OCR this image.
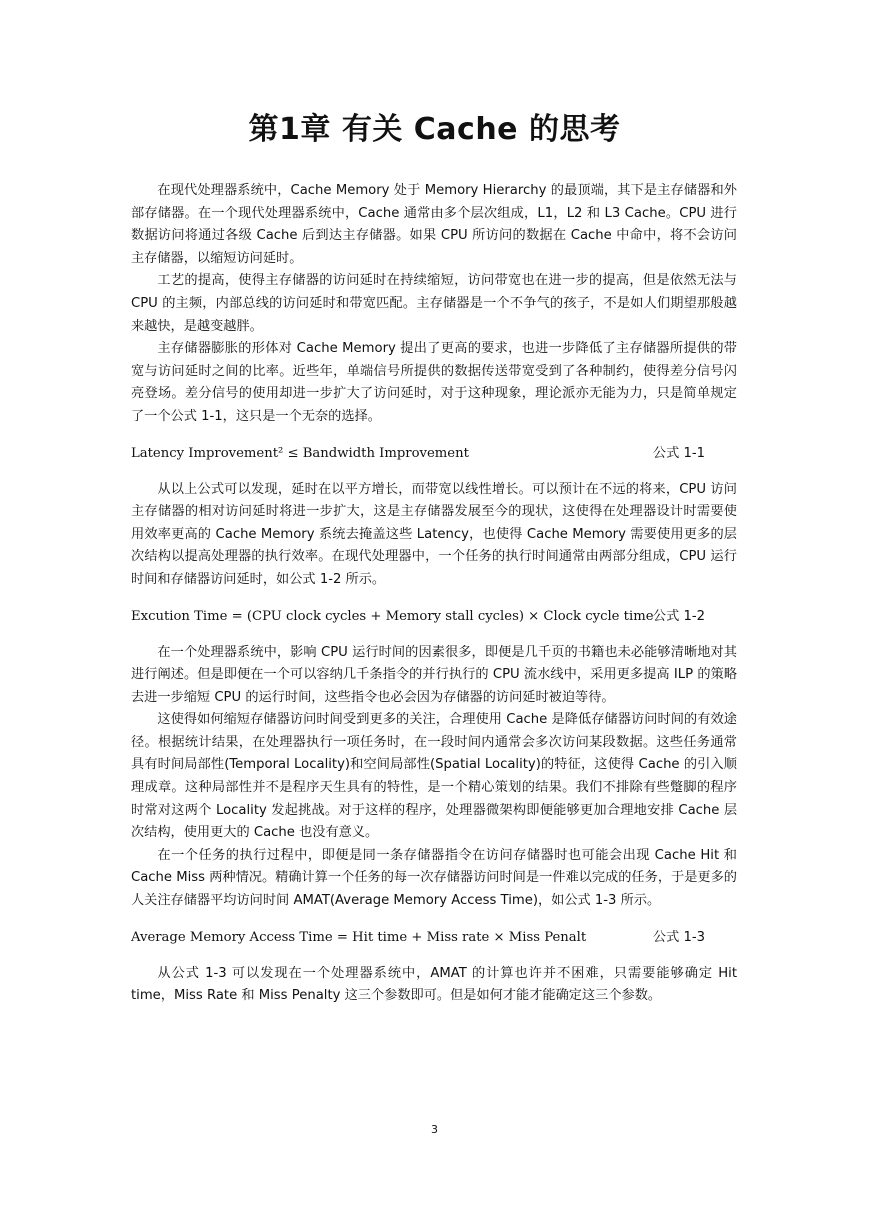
第1章 有关 Cache 的思考

在现代处理器系统中，Cache Memory 处于 Memory Hierarchy 的最顶端，其下是主存储器和外部存储器。在一个现代处理器系统中，Cache 通常由多个层次组成，L1，L2 和 L3 Cache。CPU 进行数据访问将通过各级 Cache 后到达主存储器。如果 CPU 所访问的数据在 Cache 中命中，将不会访问主存储器，以缩短访问延时。

工艺的提高，使得主存储器的访问延时在持续缩短，访问带宽也在进一步的提高，但是依然无法与 CPU 的主频，内部总线的访问延时和带宽匹配。主存储器是一个不争气的孩子，不是如人们期望那般越来越快，是越变越胖。

主存储器膨胀的形体对 Cache Memory 提出了更高的要求，也进一步降低了主存储器所提供的带宽与访问延时之间的比率。近些年，单端信号所提供的数据传送带宽受到了各种制约，使得差分信号闪亮登场。差分信号的使用却进一步扩大了访问延时，对于这种现象，理论派亦无能为力，只是简单规定了一个公式 1-1，这只是一个无奈的选择。

Latency Improvement² ≤ Bandwidth Improvement	公式 1-1

从以上公式可以发现，延时在以平方增长，而带宽以线性增长。可以预计在不远的将来，CPU 访问主存储器的相对访问延时将进一步扩大，这是主存储器发展至今的现状，这使得在处理器设计时需要使用效率更高的 Cache Memory 系统去掩盖这些 Latency，也使得 Cache Memory 需要使用更多的层次结构以提高处理器的执行效率。在现代处理器中，一个任务的执行时间通常由两部分组成，CPU 运行时间和存储器访问延时，如公式 1-2 所示。

Excution Time = (CPU clock cycles + Memory stall cycles) × Clock cycle time 公式 1-2

在一个处理器系统中，影响 CPU 运行时间的因素很多，即便是几千页的书籍也未必能够清晰地对其进行阐述。但是即便在一个可以容纳几千条指令的并行执行的 CPU 流水线中，采用更多提高 ILP 的策略去进一步缩短 CPU 的运行时间，这些指令也必会因为存储器的访问延时被迫等待。

这使得如何缩短存储器访问时间受到更多的关注，合理使用 Cache 是降低存储器访问时间的有效途径。根据统计结果，在处理器执行一项任务时，在一段时间内通常会多次访问某段数据。这些任务通常具有时间局部性(Temporal Locality)和空间局部性(Spatial Locality)的特征，这使得 Cache 的引入顺理成章。这种局部性并不是程序天生具有的特性，是一个精心策划的结果。我们不排除有些蹩脚的程序时常对这两个 Locality 发起挑战。对于这样的程序，处理器微架构即便能够更加合理地安排 Cache 层次结构，使用更大的 Cache 也没有意义。

在一个任务的执行过程中，即便是同一条存储器指令在访问存储器时也可能会出现 Cache Hit 和 Cache Miss 两种情况。精确计算一个任务的每一次存储器访问时间是一件难以完成的任务，于是更多的人关注存储器平均访问时间 AMAT(Average Memory Access Time)，如公式 1-3 所示。

Average Memory Access Time = Hit time + Miss rate × Miss Penalt	公式 1-3

从公式 1-3 可以发现在一个处理器系统中，AMAT 的计算也许并不困难，只需要能够确定 Hit time，Miss Rate 和 Miss Penalty 这三个参数即可。但是如何才能才能确定这三个参数。

3
